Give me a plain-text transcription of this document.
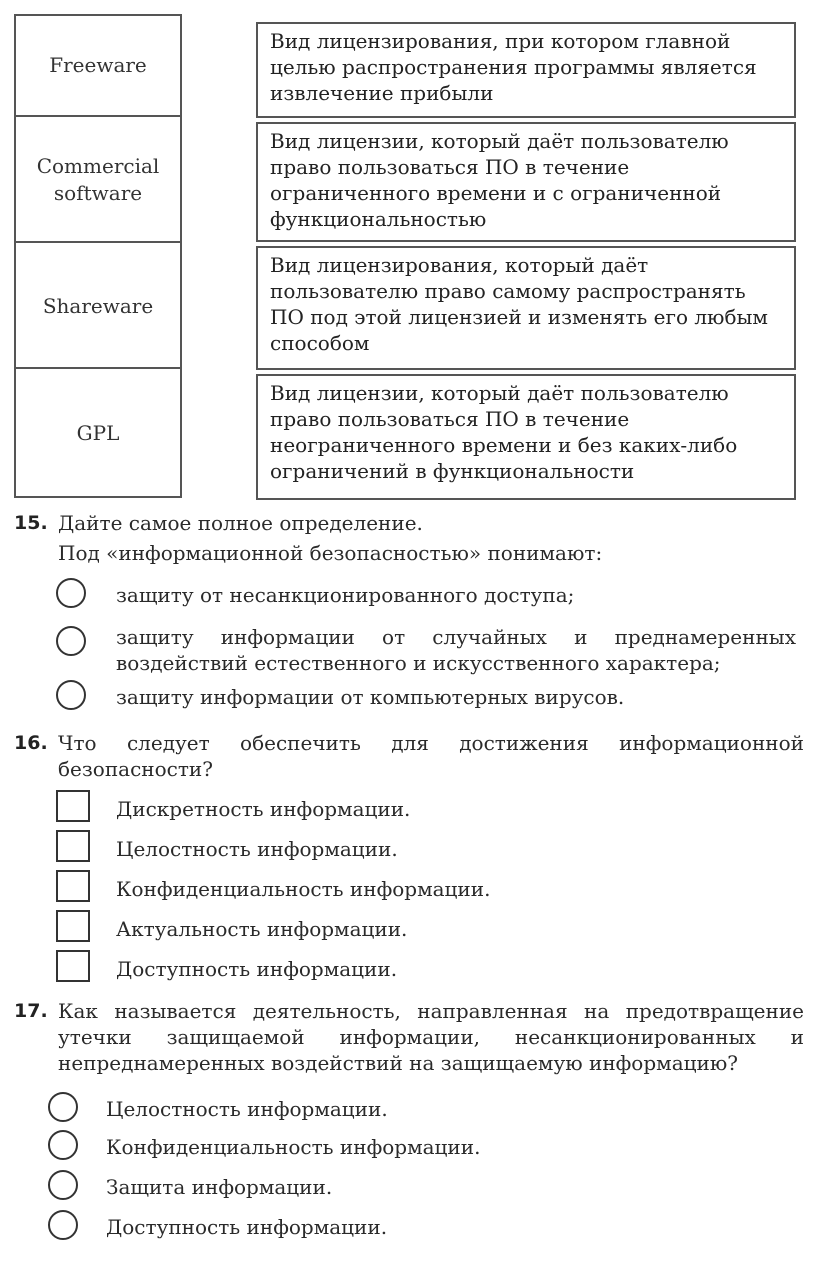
Freeware
Commercial software
Shareware
GPL
Вид лицензирования, при котором главной целью распространения программы является извлечение прибыли
Вид лицензии, который даёт пользователю право пользоваться ПО в течение ограниченного времени и с ограниченной функциональностью
Вид лицензирования, который даёт пользователю право самому распространять ПО под этой лицензией и изменять его любым способом
Вид лицензии, который даёт пользователю право пользоваться ПО в течение неограниченного времени и без каких-либо ограничений в функциональности
15. Дайте самое полное определение.
Под «информационной безопасностью» понимают:
защиту от несанкционированного доступа;
защиту информации от случайных и преднамеренных воздействий естественного и искусственного характера;
защиту информации от компьютерных вирусов.
16. Что следует обеспечить для достижения информационной безопасности?
Дискретность информации.
Целостность информации.
Конфиденциальность информации.
Актуальность информации.
Доступность информации.
17. Как называется деятельность, направленная на предотвращение утечки защищаемой информации, несанкционированных и непреднамеренных воздействий на защищаемую информацию?
Целостность информации.
Конфиденциальность информации.
Защита информации.
Доступность информации.
